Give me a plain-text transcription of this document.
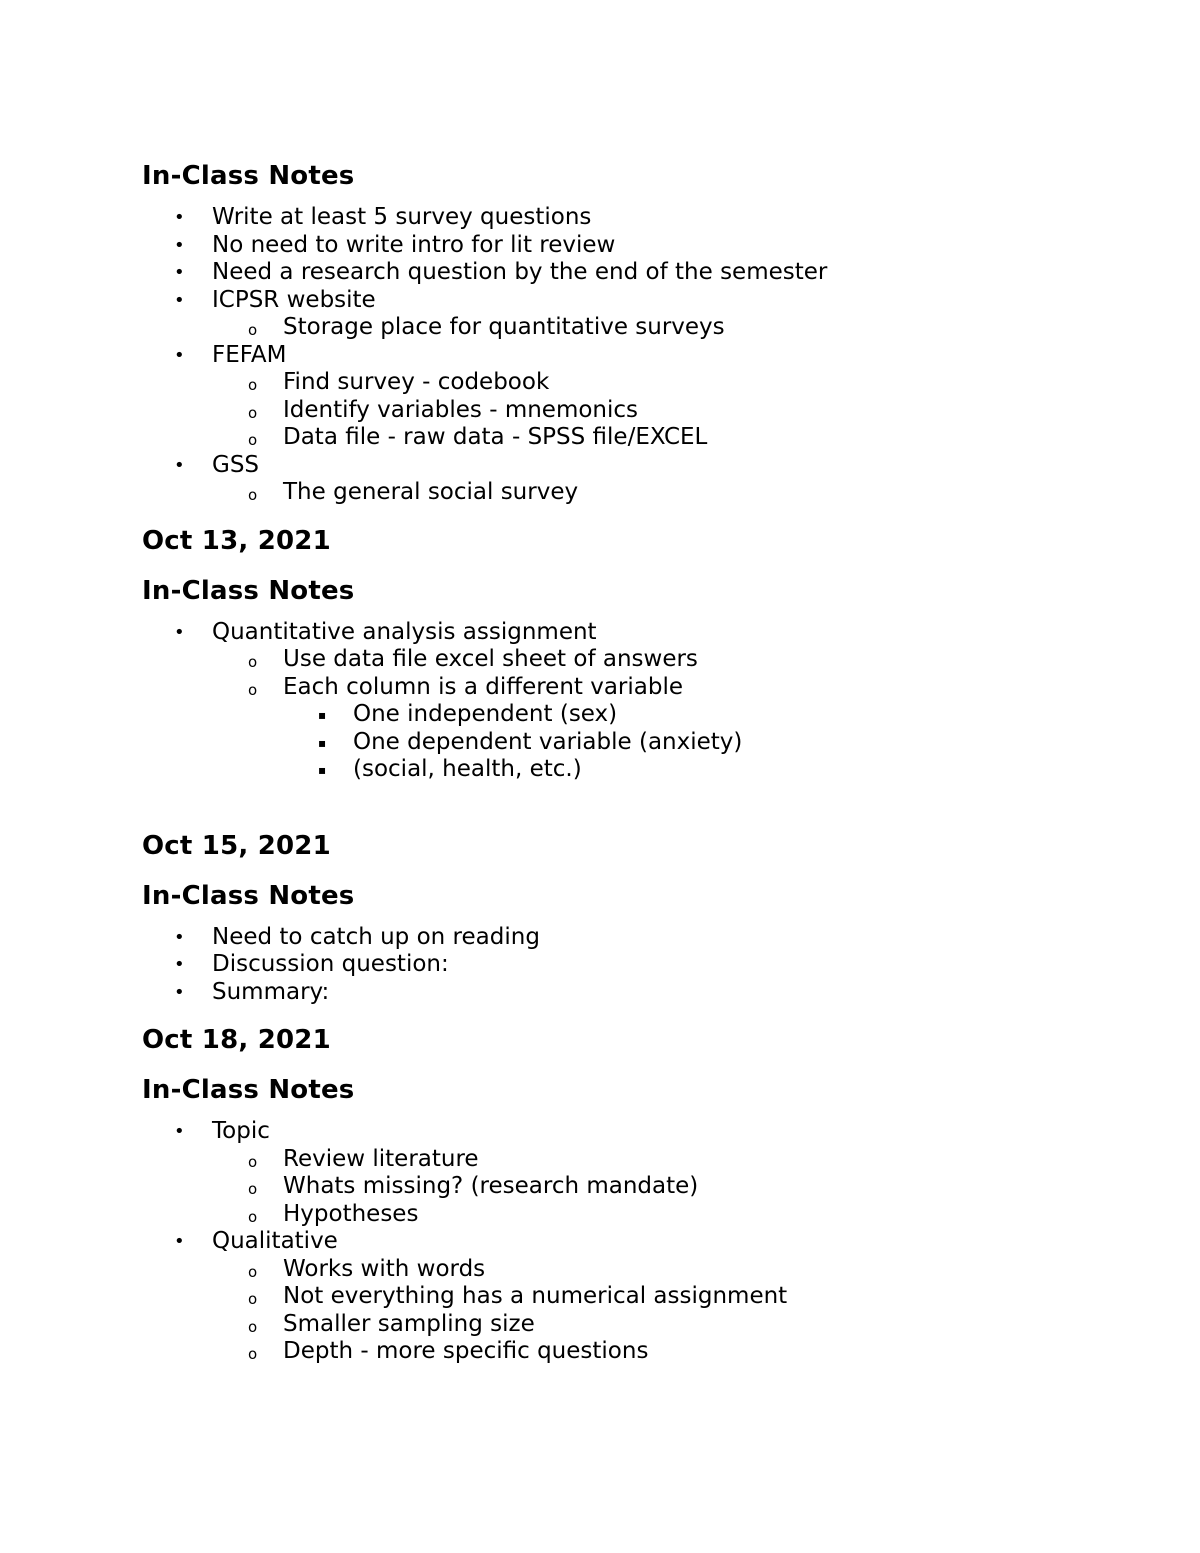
In-Class Notes
• Write at least 5 survey questions
• No need to write intro for lit review
• Need a research question by the end of the semester
• ICPSR website
o Storage place for quantitative surveys
• FEFAM
o Find survey - codebook
o Identify variables - mnemonics
o Data file - raw data - SPSS file/EXCEL
• GSS
o The general social survey
Oct 13, 2021
In-Class Notes
• Quantitative analysis assignment
o Use data file excel sheet of answers
o Each column is a different variable
▪ One independent (sex)
▪ One dependent variable (anxiety)
▪ (social, health, etc.)
Oct 15, 2021
In-Class Notes
• Need to catch up on reading
• Discussion question:
• Summary:
Oct 18, 2021
In-Class Notes
• Topic
o Review literature
o Whats missing? (research mandate)
o Hypotheses
• Qualitative
o Works with words
o Not everything has a numerical assignment
o Smaller sampling size
o Depth - more specific questions
